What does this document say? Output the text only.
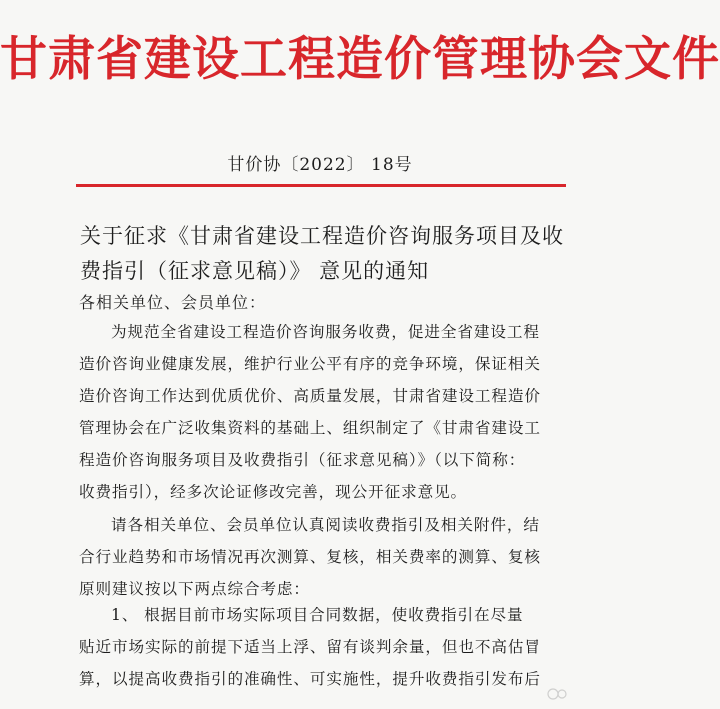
甘肃省建设工程造价管理协会文件
甘价协〔2022〕 18号
关于征求《甘肃省建设工程造价咨询服务项目及收
费指引（征求意见稿）》 意见的通知
各相关单位、会员单位：
为规范全省建设工程造价咨询服务收费，促进全省建设工程
造价咨询业健康发展，维护行业公平有序的竞争环境，保证相关
造价咨询工作达到优质优价、高质量发展，甘肃省建设工程造价
管理协会在广泛收集资料的基础上、组织制定了《甘肃省建设工
程造价咨询服务项目及收费指引（征求意见稿）》（以下简称：
收费指引），经多次论证修改完善，现公开征求意见。
请各相关单位、会员单位认真阅读收费指引及相关附件，结
合行业趋势和市场情况再次测算、复核，相关费率的测算、复核
原则建议按以下两点综合考虑：
1、 根据目前市场实际项目合同数据，使收费指引在尽量
贴近市场实际的前提下适当上浮、留有谈判余量，但也不高估冒
算，以提高收费指引的准确性、可实施性，提升收费指引发布后
